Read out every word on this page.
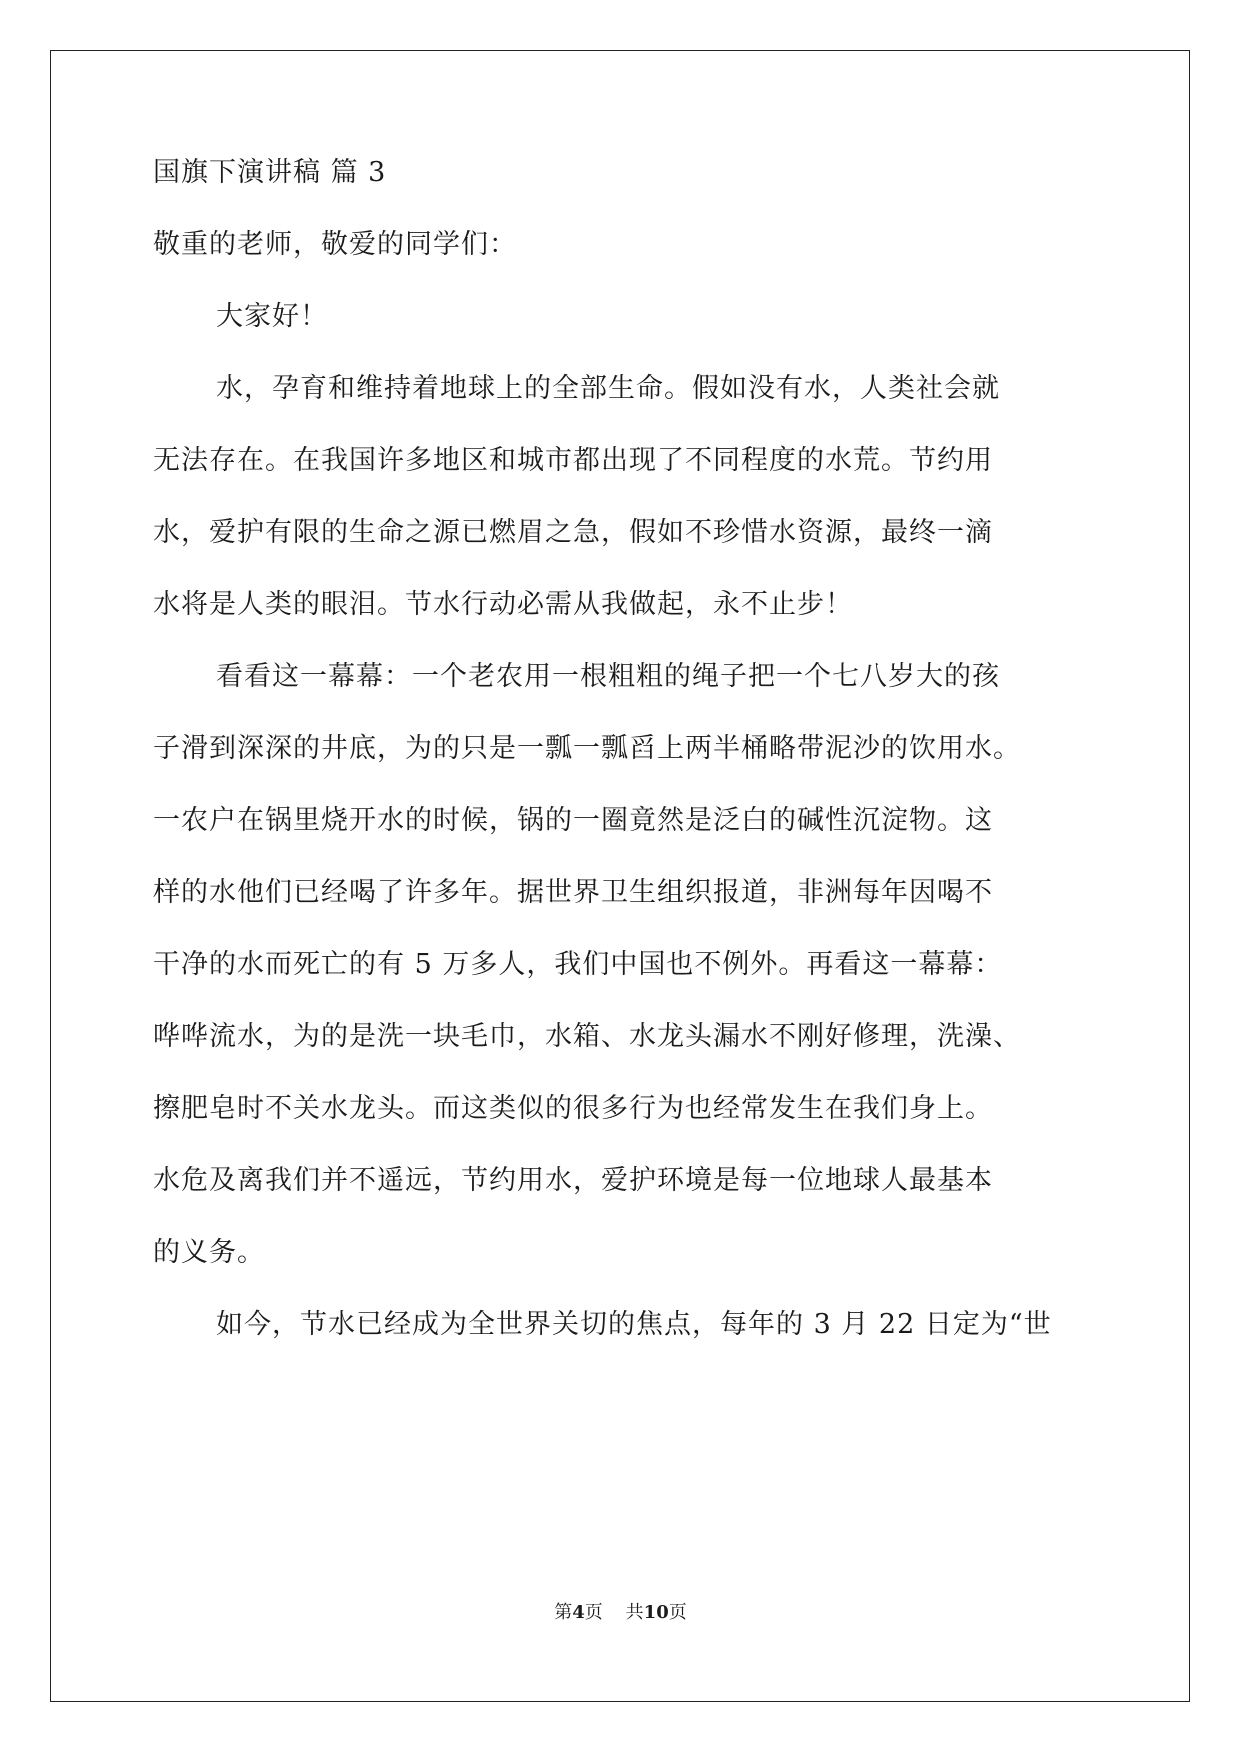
国旗下演讲稿 篇 3
敬重的老师，敬爱的同学们：
大家好！
水，孕育和维持着地球上的全部生命。假如没有水，人类社会就
无法存在。在我国许多地区和城市都出现了不同程度的水荒。节约用
水，爱护有限的生命之源已燃眉之急，假如不珍惜水资源，最终一滴
水将是人类的眼泪。节水行动必需从我做起，永不止步！
看看这一幕幕：一个老农用一根粗粗的绳子把一个七八岁大的孩
子滑到深深的井底，为的只是一瓢一瓢舀上两半桶略带泥沙的饮用水。
一农户在锅里烧开水的时候，锅的一圈竟然是泛白的碱性沉淀物。这
样的水他们已经喝了许多年。据世界卫生组织报道，非洲每年因喝不
干净的水而死亡的有 5 万多人，我们中国也不例外。再看这一幕幕：
哗哗流水，为的是洗一块毛巾，水箱、水龙头漏水不刚好修理，洗澡、
擦肥皂时不关水龙头。而这类似的很多行为也经常发生在我们身上。
水危及离我们并不遥远，节约用水，爱护环境是每一位地球人最基本
的义务。
如今，节水已经成为全世界关切的焦点，每年的 3 月 22 日定为“世
第4页    共10页
